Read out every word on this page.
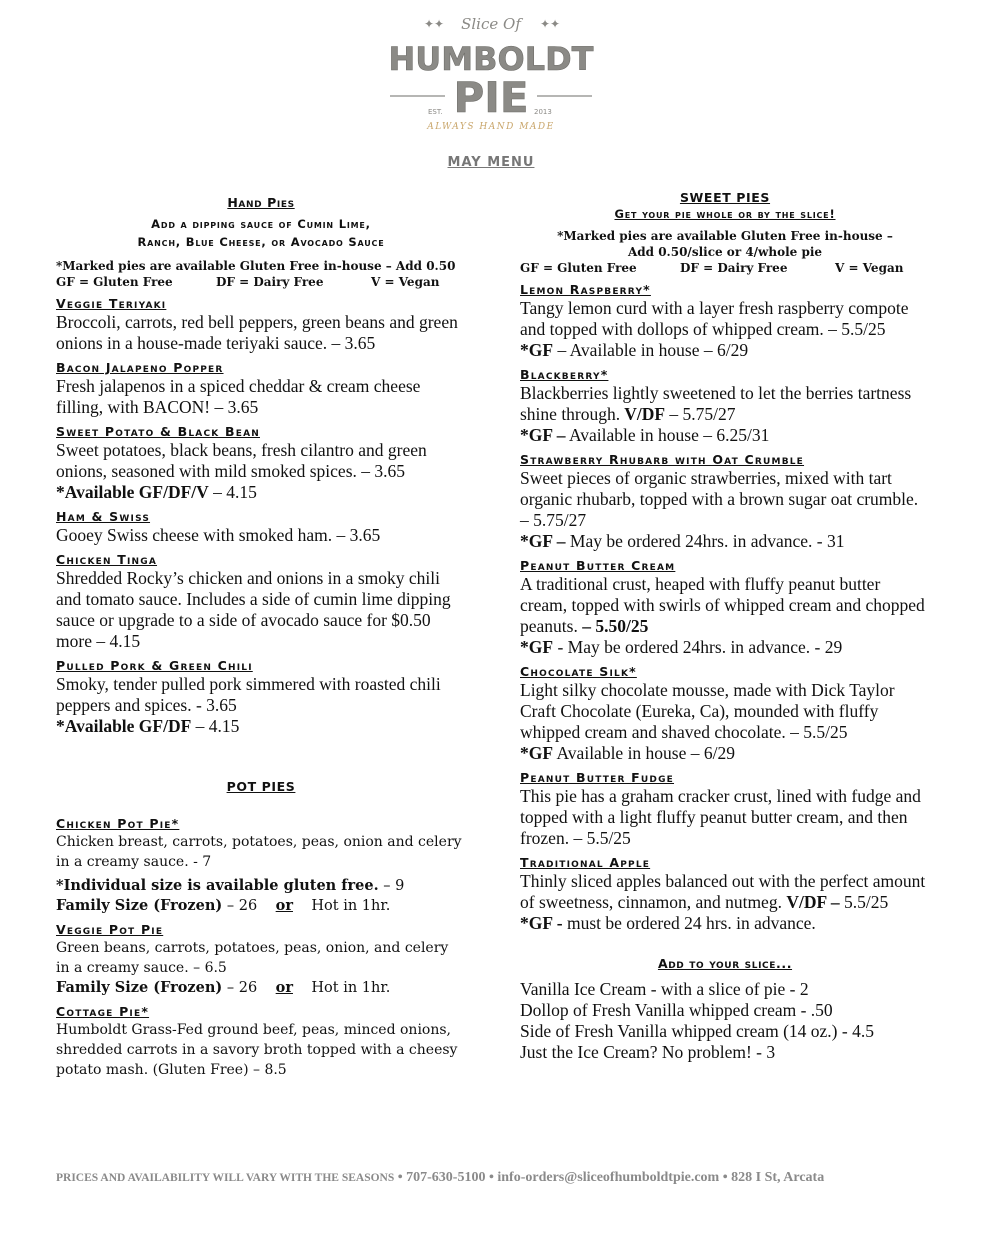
Slice Of
✦✦	✦✦
HUMBOLDT
PIE
EST.	2013
ALWAYS HAND MADE
MAY MENU
Hand Pies
Add a dipping sauce of Cumin Lime,
Ranch, Blue Cheese, or Avocado Sauce
*Marked pies are available Gluten Free in-house – Add 0.50
GF = Gluten Free	DF = Dairy Free	V = Vegan
Veggie Teriyaki
Broccoli, carrots, red bell peppers, green beans and green onions in a house-made teriyaki sauce. – 3.65
Bacon Jalapeno Popper
Fresh jalapenos in a spiced cheddar & cream cheese filling, with BACON! – 3.65
Sweet Potato & Black Bean
Sweet potatoes, black beans, fresh cilantro and green onions, seasoned with mild smoked spices. – 3.65
*Available GF/DF/V – 4.15
Ham & Swiss
Gooey Swiss cheese with smoked ham. – 3.65
Chicken Tinga
Shredded Rocky’s chicken and onions in a smoky chili and tomato sauce. Includes a side of cumin lime dipping sauce or upgrade to a side of avocado sauce for $0.50 more – 4.15
Pulled Pork & Green Chili
Smoky, tender pulled pork simmered with roasted chili peppers and spices. - 3.65
*Available GF/DF – 4.15
POT PIES
Chicken Pot Pie*
Chicken breast, carrots, potatoes, peas, onion and celery in a creamy sauce. - 7
*Individual size is available gluten free. – 9
Family Size (Frozen) – 26 or Hot in 1hr.
Veggie Pot Pie
Green beans, carrots, potatoes, peas, onion, and celery in a creamy sauce. – 6.5
Family Size (Frozen) – 26 or Hot in 1hr.
Cottage Pie*
Humboldt Grass-Fed ground beef, peas, minced onions, shredded carrots in a savory broth topped with a cheesy potato mash. (Gluten Free) – 8.5
SWEET PIES
Get your pie whole or by the slice!
*Marked pies are available Gluten Free in-house –
Add 0.50/slice or 4/whole pie
GF = Gluten Free	DF = Dairy Free	V = Vegan
Lemon Raspberry*
Tangy lemon curd with a layer fresh raspberry compote and topped with dollops of whipped cream. – 5.5/25
*GF – Available in house – 6/29
Blackberry*
Blackberries lightly sweetened to let the berries tartness shine through. V/DF – 5.75/27
*GF – Available in house – 6.25/31
Strawberry Rhubarb with Oat Crumble
Sweet pieces of organic strawberries, mixed with tart organic rhubarb, topped with a brown sugar oat crumble. – 5.75/27
*GF – May be ordered 24hrs. in advance. - 31
Peanut Butter Cream
A traditional crust, heaped with fluffy peanut butter cream, topped with swirls of whipped cream and chopped peanuts. – 5.50/25
*GF - May be ordered 24hrs. in advance. - 29
Chocolate Silk*
Light silky chocolate mousse, made with Dick Taylor Craft Chocolate (Eureka, Ca), mounded with fluffy whipped cream and shaved chocolate. – 5.5/25
*GF Available in house – 6/29
Peanut Butter Fudge
This pie has a graham cracker crust, lined with fudge and topped with a light fluffy peanut butter cream, and then frozen. – 5.5/25
Traditional Apple
Thinly sliced apples balanced out with the perfect amount of sweetness, cinnamon, and nutmeg. V/DF – 5.5/25
*GF - must be ordered 24 hrs. in advance.
Add to your slice...
Vanilla Ice Cream - with a slice of pie - 2
Dollop of Fresh Vanilla whipped cream - .50
Side of Fresh Vanilla whipped cream (14 oz.) - 4.5
Just the Ice Cream? No problem! - 3
PRICES AND AVAILABILITY WILL VARY WITH THE SEASONS • 707-630-5100 • info-orders@sliceofhumboldtpie.com • 828 I St, Arcata
